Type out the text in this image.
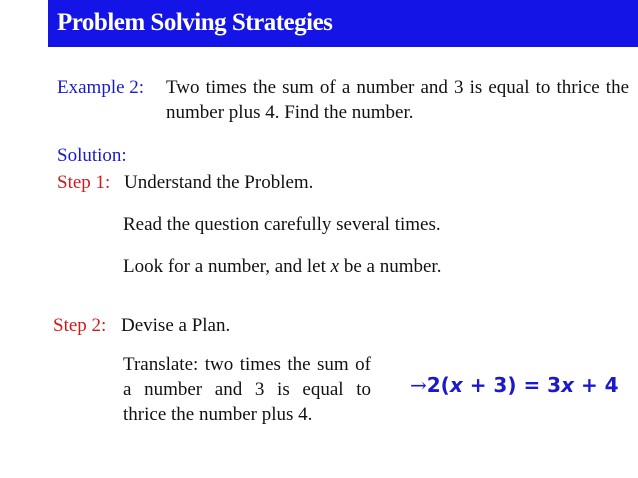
Problem Solving Strategies
Example 2: Two times the sum of a number and 3 is equal to thrice the number plus 4. Find the number.
Solution:
Step 1: Understand the Problem.
Read the question carefully several times.
Look for a number, and let x be a number.
Step 2: Devise a Plan.
Translate: two times the sum of a number and 3 is equal to thrice the number plus 4.
→2(x + 3) = 3x + 4
